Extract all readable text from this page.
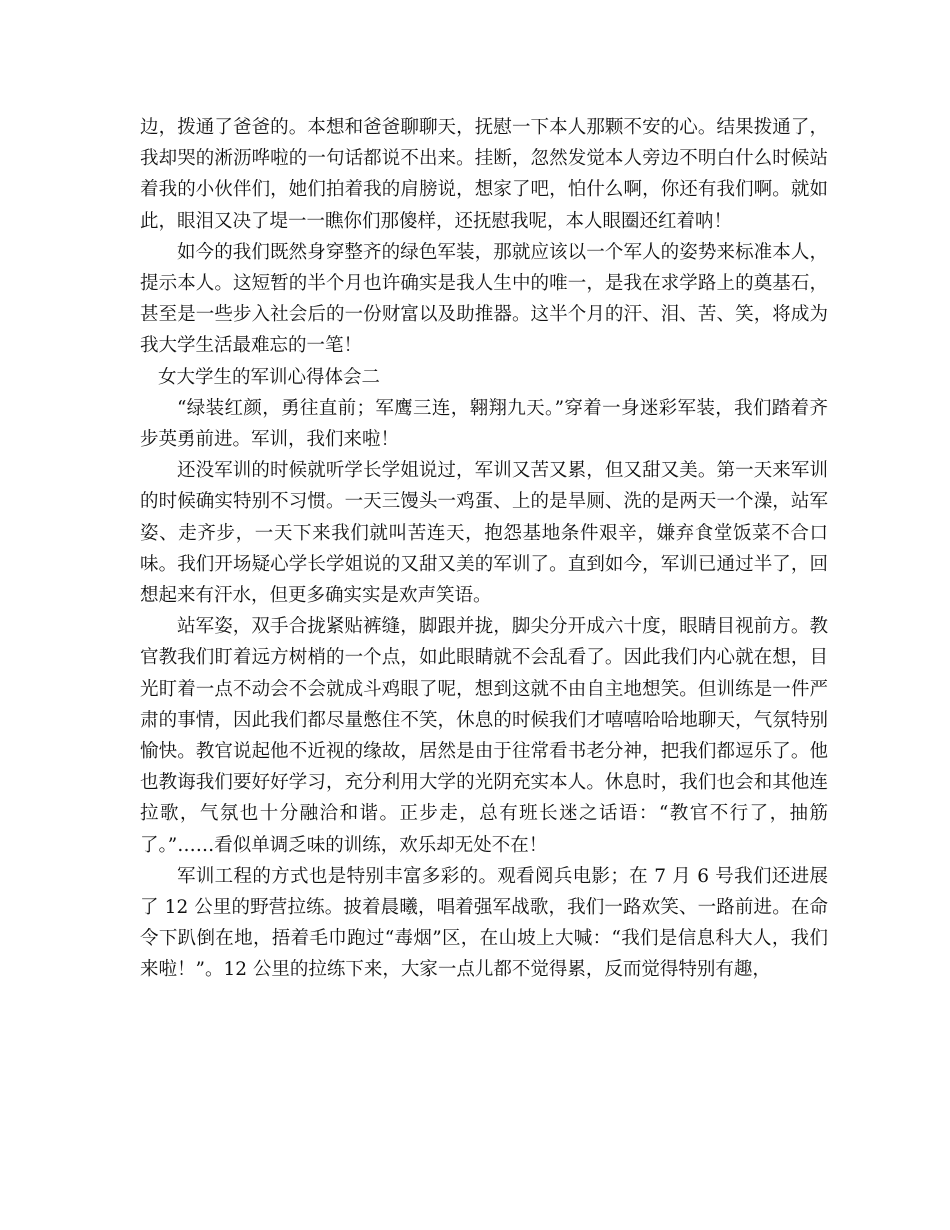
边，拨通了爸爸的。本想和爸爸聊聊天，抚慰一下本人那颗不安的心。结果拨通了，我却哭的淅沥哗啦的一句话都说不出来。挂断，忽然发觉本人旁边不明白什么时候站着我的小伙伴们，她们拍着我的肩膀说，想家了吧，怕什么啊，你还有我们啊。就如此，眼泪又决了堤一一瞧你们那傻样，还抚慰我呢，本人眼圈还红着呐！

如今的我们既然身穿整齐的绿色军装，那就应该以一个军人的姿势来标准本人，提示本人。这短暂的半个月也许确实是我人生中的唯一，是我在求学路上的奠基石，甚至是一些步入社会后的一份财富以及助推器。这半个月的汗、泪、苦、笑，将成为我大学生活最难忘的一笔！

女大学生的军训心得体会二

“绿装红颜，勇往直前；军鹰三连，翱翔九天。”穿着一身迷彩军装，我们踏着齐步英勇前进。军训，我们来啦！

还没军训的时候就听学长学姐说过，军训又苦又累，但又甜又美。第一天来军训的时候确实特别不习惯。一天三馒头一鸡蛋、上的是旱厕、洗的是两天一个澡，站军姿、走齐步，一天下来我们就叫苦连天，抱怨基地条件艰辛，嫌弃食堂饭菜不合口味。我们开场疑心学长学姐说的又甜又美的军训了。直到如今，军训已通过半了，回想起来有汗水，但更多确实实是欢声笑语。

站军姿，双手合拢紧贴裤缝，脚跟并拢，脚尖分开成六十度，眼睛目视前方。教官教我们盯着远方树梢的一个点，如此眼睛就不会乱看了。因此我们内心就在想，目光盯着一点不动会不会就成斗鸡眼了呢，想到这就不由自主地想笑。但训练是一件严肃的事情，因此我们都尽量憋住不笑，休息的时候我们才嘻嘻哈哈地聊天，气氛特别愉快。教官说起他不近视的缘故，居然是由于往常看书老分神，把我们都逗乐了。他也教诲我们要好好学习，充分利用大学的光阴充实本人。休息时，我们也会和其他连拉歌，气氛也十分融洽和谐。正步走，总有班长迷之话语：“教官不行了，抽筋了。”……看似单调乏味的训练，欢乐却无处不在！

军训工程的方式也是特别丰富多彩的。观看阅兵电影；在 7 月 6 号我们还进展了 12 公里的野营拉练。披着晨曦，唱着强军战歌，我们一路欢笑、一路前进。在命令下趴倒在地，捂着毛巾跑过“毒烟”区，在山坡上大喊：“我们是信息科大人，我们来啦！”。12 公里的拉练下来，大家一点儿都不觉得累，反而觉得特别有趣，
